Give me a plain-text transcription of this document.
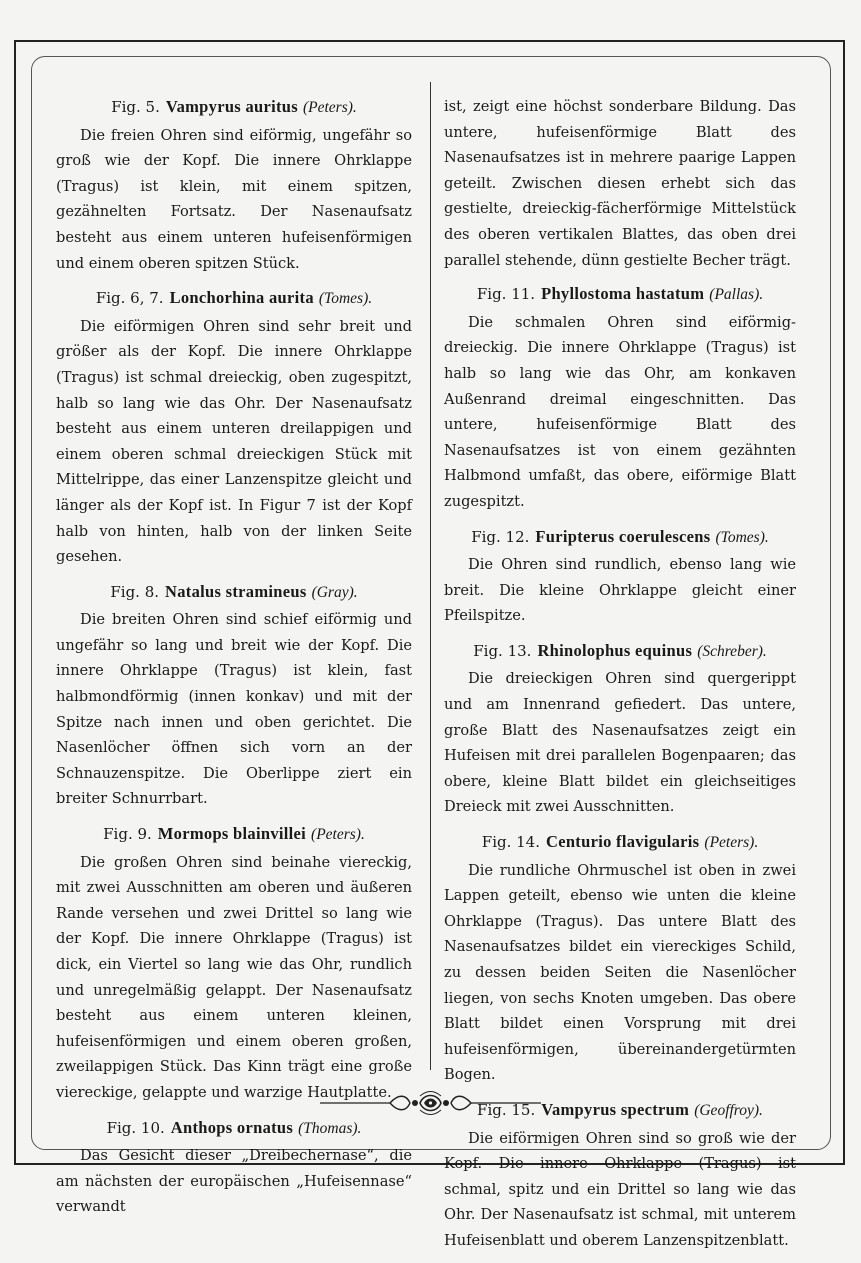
Fig. 5. Vampyrus auritus (Peters).

Die freien Ohren sind eiförmig, ungefähr so groß wie der Kopf. Die innere Ohrklappe (Tragus) ist klein, mit einem spitzen, gezähnelten Fortsatz. Der Nasenaufsatz besteht aus einem unteren hufeisenförmigen und einem oberen spitzen Stück.

Fig. 6, 7. Lonchorhina aurita (Tomes).

Die eiförmigen Ohren sind sehr breit und größer als der Kopf. Die innere Ohrklappe (Tragus) ist schmal dreieckig, oben zugespitzt, halb so lang wie das Ohr. Der Nasenaufsatz besteht aus einem unteren dreilappigen und einem oberen schmal dreieckigen Stück mit Mittelrippe, das einer Lanzenspitze gleicht und länger als der Kopf ist. In Figur 7 ist der Kopf halb von hinten, halb von der linken Seite gesehen.

Fig. 8. Natalus stramineus (Gray).

Die breiten Ohren sind schief eiförmig und ungefähr so lang und breit wie der Kopf. Die innere Ohrklappe (Tragus) ist klein, fast halbmondförmig (innen konkav) und mit der Spitze nach innen und oben gerichtet. Die Nasenlöcher öffnen sich vorn an der Schnauzenspitze. Die Oberlippe ziert ein breiter Schnurrbart.

Fig. 9. Mormops blainvillei (Peters).

Die großen Ohren sind beinahe viereckig, mit zwei Ausschnitten am oberen und äußeren Rande versehen und zwei Drittel so lang wie der Kopf. Die innere Ohrklappe (Tragus) ist dick, ein Viertel so lang wie das Ohr, rundlich und unregelmäßig gelappt. Der Nasenaufsatz besteht aus einem unteren kleinen, hufeisenförmigen und einem oberen großen, zweilappigen Stück. Das Kinn trägt eine große viereckige, gelappte und warzige Hautplatte.

Fig. 10. Anthops ornatus (Thomas).

Das Gesicht dieser „Dreibechernase“, die am nächsten der europäischen „Hufeisennase“ verwandt

ist, zeigt eine höchst sonderbare Bildung. Das untere, hufeisenförmige Blatt des Nasenaufsatzes ist in mehrere paarige Lappen geteilt. Zwischen diesen erhebt sich das gestielte, dreieckig-fächerförmige Mittelstück des oberen vertikalen Blattes, das oben drei parallel stehende, dünn gestielte Becher trägt.

Fig. 11. Phyllostoma hastatum (Pallas).

Die schmalen Ohren sind eiförmig-dreieckig. Die innere Ohrklappe (Tragus) ist halb so lang wie das Ohr, am konkaven Außenrand dreimal eingeschnitten. Das untere, hufeisenförmige Blatt des Nasenaufsatzes ist von einem gezähnten Halbmond umfaßt, das obere, eiförmige Blatt zugespitzt.

Fig. 12. Furipterus coerulescens (Tomes).

Die Ohren sind rundlich, ebenso lang wie breit. Die kleine Ohrklappe gleicht einer Pfeilspitze.

Fig. 13. Rhinolophus equinus (Schreber).

Die dreieckigen Ohren sind quergerippt und am Innenrand gefiedert. Das untere, große Blatt des Nasenaufsatzes zeigt ein Hufeisen mit drei parallelen Bogenpaaren; das obere, kleine Blatt bildet ein gleichseitiges Dreieck mit zwei Ausschnitten.

Fig. 14. Centurio flavigularis (Peters).

Die rundliche Ohrmuschel ist oben in zwei Lappen geteilt, ebenso wie unten die kleine Ohrklappe (Tragus). Das untere Blatt des Nasenaufsatzes bildet ein viereckiges Schild, zu dessen beiden Seiten die Nasenlöcher liegen, von sechs Knoten umgeben. Das obere Blatt bildet einen Vorsprung mit drei hufeisenförmigen, übereinandergetürmten Bogen.

Fig. 15. Vampyrus spectrum (Geoffroy).

Die eiförmigen Ohren sind so groß wie der Kopf. Die innere Ohrklappe (Tragus) ist schmal, spitz und ein Drittel so lang wie das Ohr. Der Nasenaufsatz ist schmal, mit unterem Hufeisenblatt und oberem Lanzenspitzenblatt.
